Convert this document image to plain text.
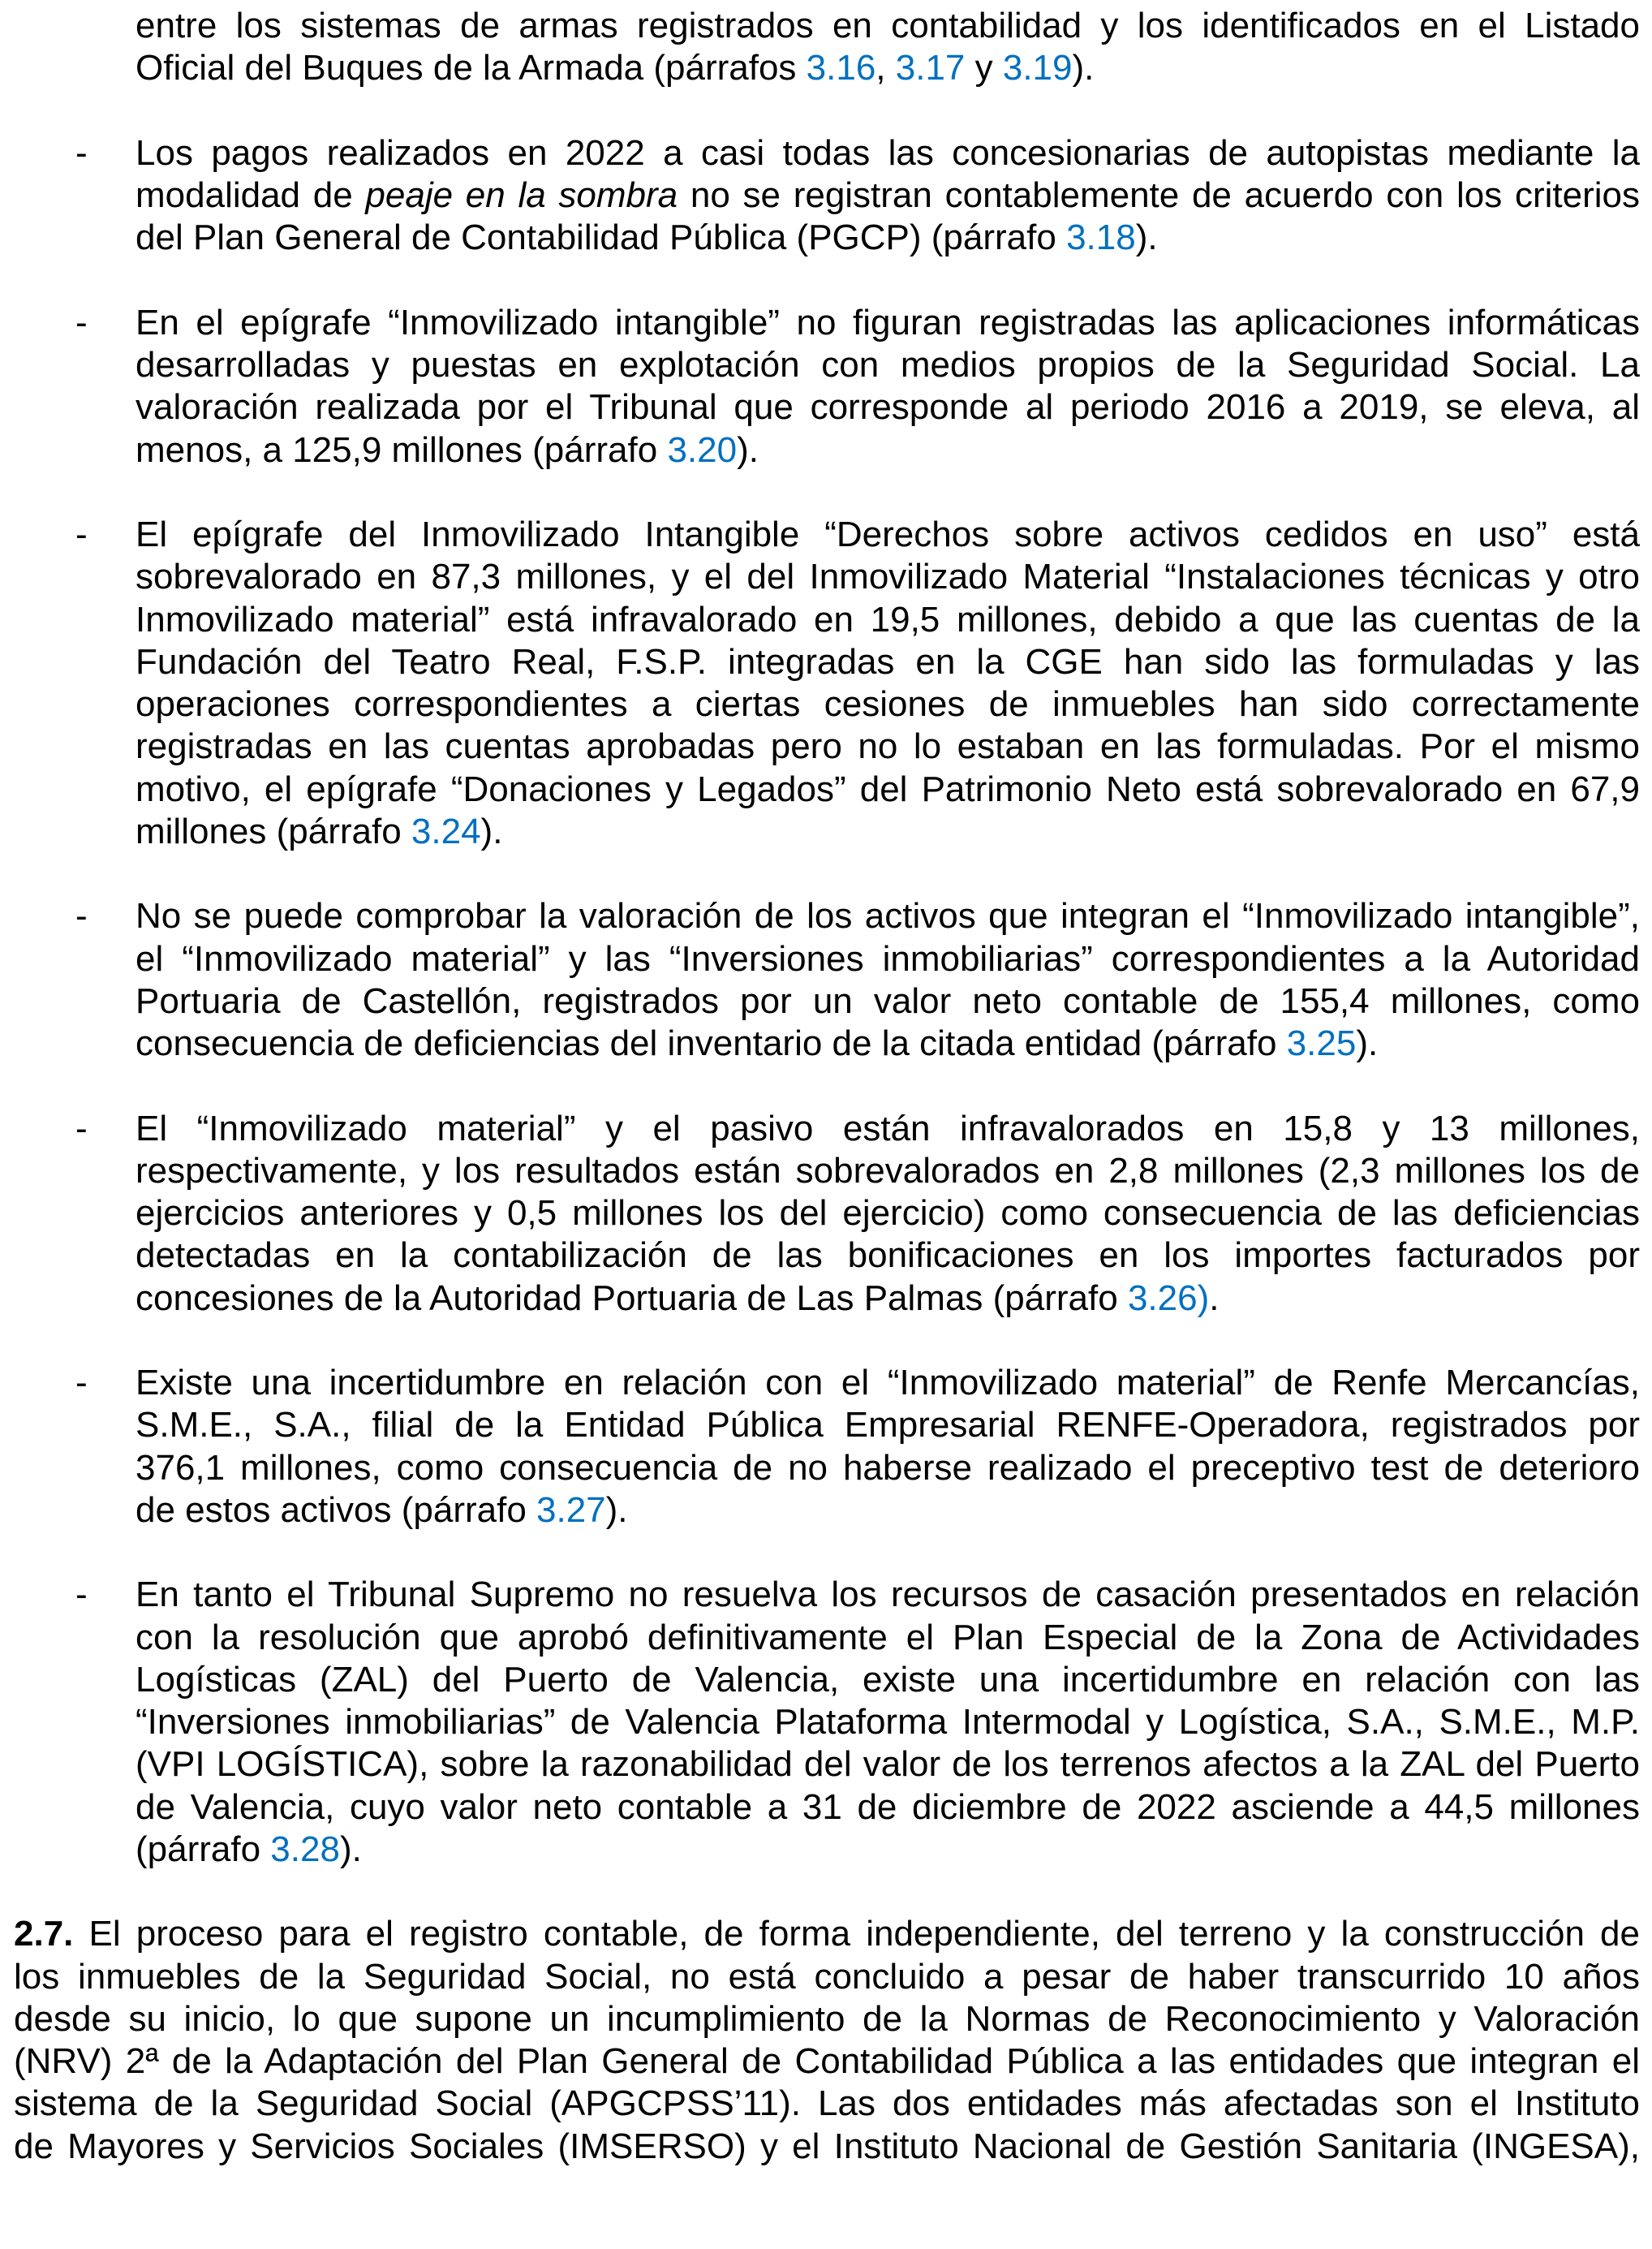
entre los sistemas de armas registrados en contabilidad y los identificados en el Listado
Oficial del Buques de la Armada (párrafos 3.16, 3.17 y 3.19).
- Los pagos realizados en 2022 a casi todas las concesionarias de autopistas mediante la
modalidad de peaje en la sombra no se registran contablemente de acuerdo con los criterios
del Plan General de Contabilidad Pública (PGCP) (párrafo 3.18).
- En el epígrafe “Inmovilizado intangible” no figuran registradas las aplicaciones informáticas
desarrolladas y puestas en explotación con medios propios de la Seguridad Social. La
valoración realizada por el Tribunal que corresponde al periodo 2016 a 2019, se eleva, al
menos, a 125,9 millones (párrafo 3.20).
- El epígrafe del Inmovilizado Intangible “Derechos sobre activos cedidos en uso” está
sobrevalorado en 87,3 millones, y el del Inmovilizado Material “Instalaciones técnicas y otro
Inmovilizado material” está infravalorado en 19,5 millones, debido a que las cuentas de la
Fundación del Teatro Real, F.S.P. integradas en la CGE han sido las formuladas y las
operaciones correspondientes a ciertas cesiones de inmuebles han sido correctamente
registradas en las cuentas aprobadas pero no lo estaban en las formuladas. Por el mismo
motivo, el epígrafe “Donaciones y Legados” del Patrimonio Neto está sobrevalorado en 67,9
millones (párrafo 3.24).
- No se puede comprobar la valoración de los activos que integran el “Inmovilizado intangible”,
el “Inmovilizado material” y las “Inversiones inmobiliarias” correspondientes a la Autoridad
Portuaria de Castellón, registrados por un valor neto contable de 155,4 millones, como
consecuencia de deficiencias del inventario de la citada entidad (párrafo 3.25).
- El “Inmovilizado material” y el pasivo están infravalorados en 15,8 y 13 millones,
respectivamente, y los resultados están sobrevalorados en 2,8 millones (2,3 millones los de
ejercicios anteriores y 0,5 millones los del ejercicio) como consecuencia de las deficiencias
detectadas en la contabilización de las bonificaciones en los importes facturados por
concesiones de la Autoridad Portuaria de Las Palmas (párrafo 3.26).
- Existe una incertidumbre en relación con el “Inmovilizado material” de Renfe Mercancías,
S.M.E., S.A., filial de la Entidad Pública Empresarial RENFE-Operadora, registrados por
376,1 millones, como consecuencia de no haberse realizado el preceptivo test de deterioro
de estos activos (párrafo 3.27).
- En tanto el Tribunal Supremo no resuelva los recursos de casación presentados en relación
con la resolución que aprobó definitivamente el Plan Especial de la Zona de Actividades
Logísticas (ZAL) del Puerto de Valencia, existe una incertidumbre en relación con las
“Inversiones inmobiliarias” de Valencia Plataforma Intermodal y Logística, S.A., S.M.E., M.P.
(VPI LOGÍSTICA), sobre la razonabilidad del valor de los terrenos afectos a la ZAL del Puerto
de Valencia, cuyo valor neto contable a 31 de diciembre de 2022 asciende a 44,5 millones
(párrafo 3.28).
2.7. El proceso para el registro contable, de forma independiente, del terreno y la construcción de
los inmuebles de la Seguridad Social, no está concluido a pesar de haber transcurrido 10 años
desde su inicio, lo que supone un incumplimiento de la Normas de Reconocimiento y Valoración
(NRV) 2ª de la Adaptación del Plan General de Contabilidad Pública a las entidades que integran el
sistema de la Seguridad Social (APGCPSS’11). Las dos entidades más afectadas son el Instituto
de Mayores y Servicios Sociales (IMSERSO) y el Instituto Nacional de Gestión Sanitaria (INGESA),
